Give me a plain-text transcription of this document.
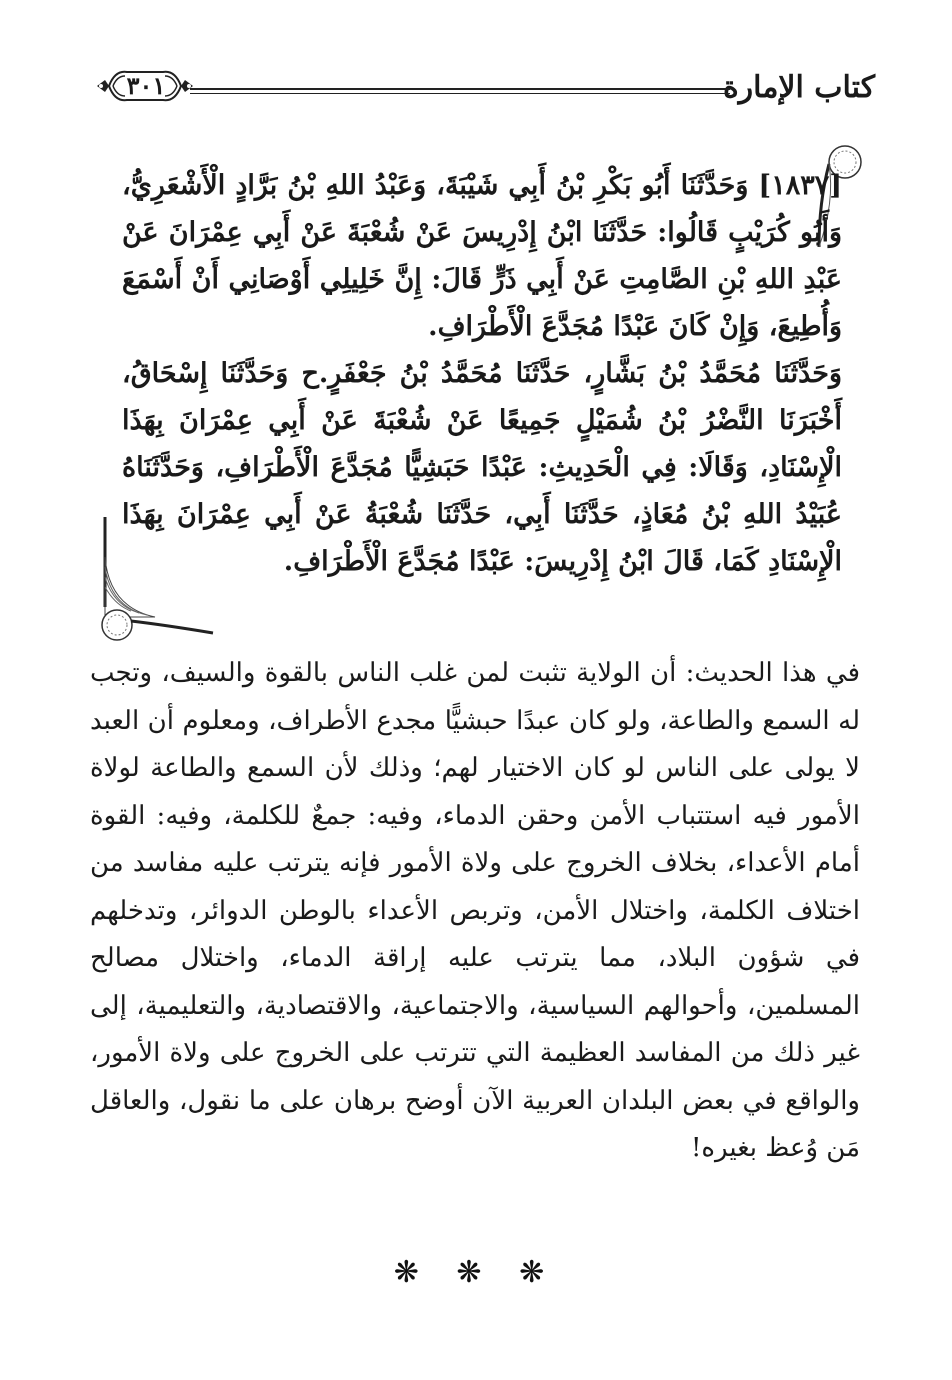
كتاب الإمارة
٣٠١

[١٨٣٧] وَحَدَّثَنَا أَبُو بَكْرِ بْنُ أَبِي شَيْبَةَ، وَعَبْدُ اللهِ بْنُ بَرَّادٍ الْأَشْعَرِيُّ، وَأَبُو كُرَيْبٍ قَالُوا: حَدَّثَنَا ابْنُ إِدْرِيسَ عَنْ شُعْبَةَ عَنْ أَبِي عِمْرَانَ عَنْ عَبْدِ اللهِ بْنِ الصَّامِتِ عَنْ أَبِي ذَرٍّ قَالَ: إِنَّ خَلِيلِي أَوْصَانِي أَنْ أَسْمَعَ وَأُطِيعَ، وَإِنْ كَانَ عَبْدًا مُجَدَّعَ الْأَطْرَافِ.

وَحَدَّثَنَا مُحَمَّدُ بْنُ بَشَّارٍ، حَدَّثَنَا مُحَمَّدُ بْنُ جَعْفَرٍ.ح وَحَدَّثَنَا إِسْحَاقُ، أَخْبَرَنَا النَّضْرُ بْنُ شُمَيْلٍ جَمِيعًا عَنْ شُعْبَةَ عَنْ أَبِي عِمْرَانَ بِهَذَا الْإِسْنَادِ، وَقَالَا: فِي الْحَدِيثِ: عَبْدًا حَبَشِيًّا مُجَدَّعَ الْأَطْرَافِ، وَحَدَّثَنَاهُ عُبَيْدُ اللهِ بْنُ مُعَاذٍ، حَدَّثَنَا أَبِي، حَدَّثَنَا شُعْبَةُ عَنْ أَبِي عِمْرَانَ بِهَذَا الْإِسْنَادِ كَمَا، قَالَ ابْنُ إِدْرِيسَ: عَبْدًا مُجَدَّعَ الْأَطْرَافِ.

في هذا الحديث: أن الولاية تثبت لمن غلب الناس بالقوة والسيف، وتجب له السمع والطاعة، ولو كان عبدًا حبشيًّا مجدع الأطراف، ومعلوم أن العبد لا يولى على الناس لو كان الاختيار لهم؛ وذلك لأن السمع والطاعة لولاة الأمور فيه استتباب الأمن وحقن الدماء، وفيه: جمعٌ للكلمة، وفيه: القوة أمام الأعداء، بخلاف الخروج على ولاة الأمور فإنه يترتب عليه مفاسد من اختلاف الكلمة، واختلال الأمن، وتربص الأعداء بالوطن الدوائر، وتدخلهم في شؤون البلاد، مما يترتب عليه إراقة الدماء، واختلال مصالح المسلمين، وأحوالهم السياسية، والاجتماعية، والاقتصادية، والتعليمية، إلى غير ذلك من المفاسد العظيمة التي تترتب على الخروج على ولاة الأمور، والواقع في بعض البلدان العربية الآن أوضح برهان على ما نقول، والعاقل مَن وُعظ بغيره!

❋ ❋ ❋
